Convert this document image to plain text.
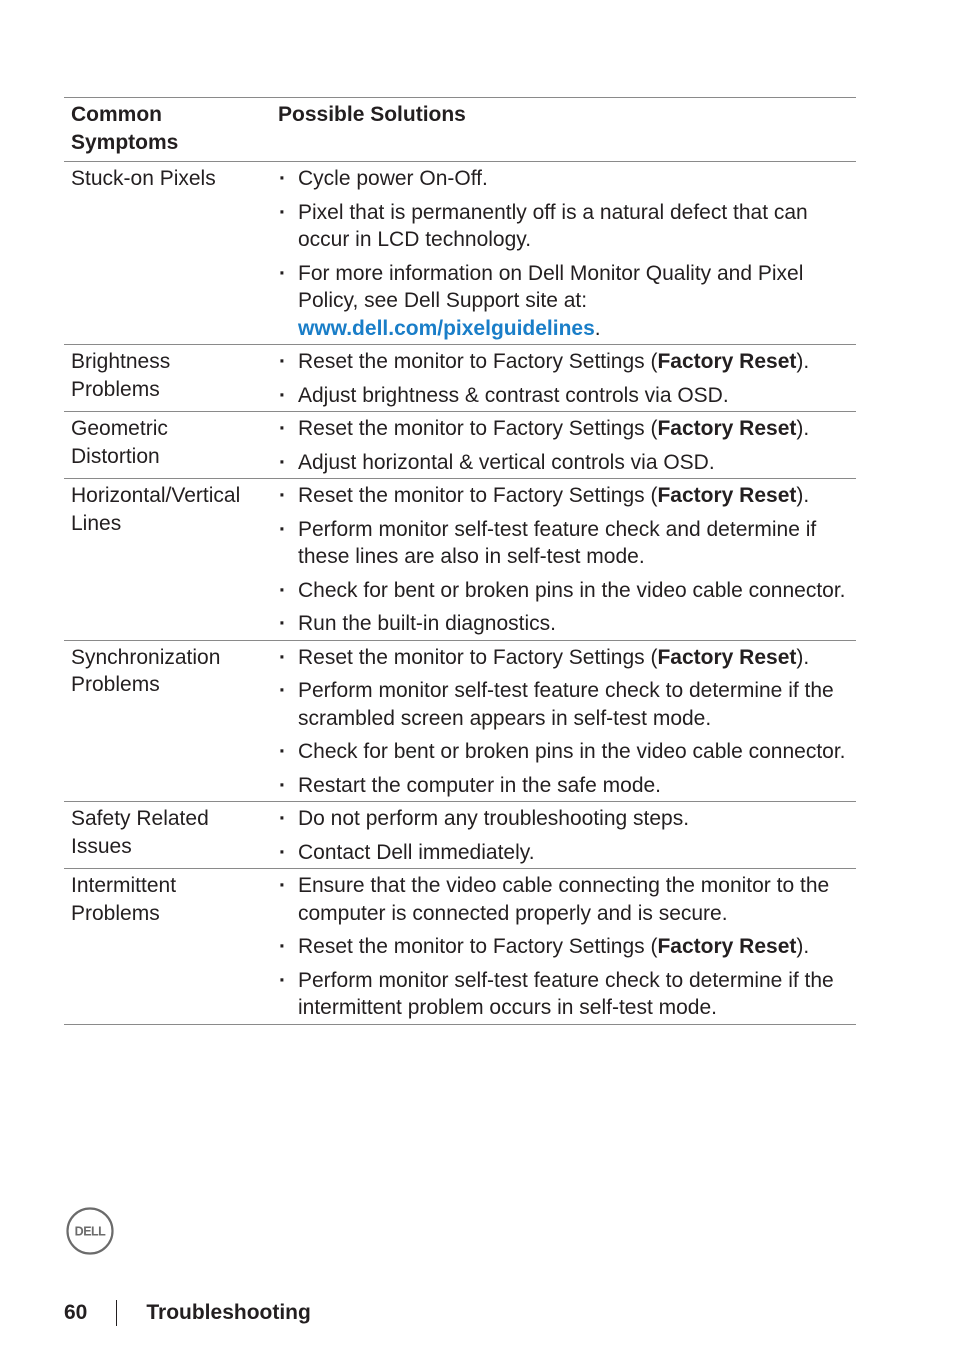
Common Symptoms
Possible Solutions
Stuck-on Pixels
·	Cycle power On-Off.
· Pixel that is permanently off is a natural defect that can occur in LCD technology.
· For more information on Dell Monitor Quality and Pixel Policy, see Dell Support site at: www.dell.com/pixelguidelines.
Brightness Problems
· Reset the monitor to Factory Settings (Factory Reset).
· Adjust brightness & contrast controls via OSD.
Geometric Distortion
· Reset the monitor to Factory Settings (Factory Reset).
· Adjust horizontal & vertical controls via OSD.
Horizontal/Vertical Lines
· Reset the monitor to Factory Settings (Factory Reset).
· Perform monitor self-test feature check and determine if these lines are also in self-test mode.
· Check for bent or broken pins in the video cable connector.
· Run the built-in diagnostics.
Synchronization Problems
· Reset the monitor to Factory Settings (Factory Reset).
· Perform monitor self-test feature check to determine if the scrambled screen appears in self-test mode.
· Check for bent or broken pins in the video cable connector.
· Restart the computer in the safe mode.
Safety Related Issues
· Do not perform any troubleshooting steps.
· Contact Dell immediately.
Intermittent Problems
· Ensure that the video cable connecting the monitor to the computer is connected properly and is secure.
· Reset the monitor to Factory Settings (Factory Reset).
· Perform monitor self-test feature check to determine if the intermittent problem occurs in self-test mode.
DELL
60	Troubleshooting
